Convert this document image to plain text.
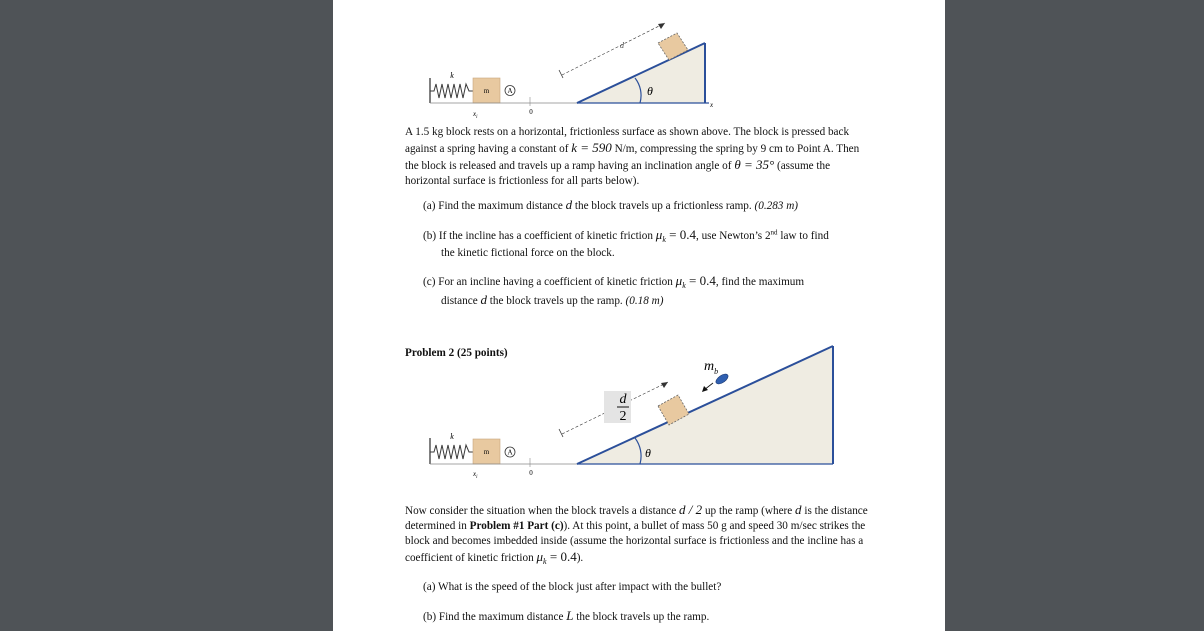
m	A
k
$x_i$
0
x
θ
d
A 1.5 kg block rests on a horizontal, frictionless surface as shown above. The block is pressed back against a spring having a constant of k = 590 N/m, compressing the spring by 9 cm to Point A. Then the block is released and travels up a ramp having an inclination angle of θ = 35° (assume the horizontal surface is frictionless for all parts below).
(a) Find the maximum distance d the block travels up a frictionless ramp. (0.283 m)
(b) If the incline has a coefficient of kinetic friction $\mu_k = 0.4$, use Newton’s 2nd law to find
the kinetic fictional force on the block.
(c) For an incline having a coefficient of kinetic friction $\mu_k = 0.4$, find the maximum
distance d the block travels up the ramp. (0.18 m)
Problem 2 (25 points)
m	A
k
$x_i$
0
θ
d
2
$m_b$
Now consider the situation when the block travels a distance d / 2 up the ramp (where d is the distance determined in Problem #1 Part (c)). At this point, a bullet of mass 50 g and speed 30 m/sec strikes the block and becomes imbedded inside (assume the horizontal surface is frictionless and the incline has a coefficient of kinetic friction $\mu_k = 0.4$).
(a) What is the speed of the block just after impact with the bullet?
(b) Find the maximum distance L the block travels up the ramp.
